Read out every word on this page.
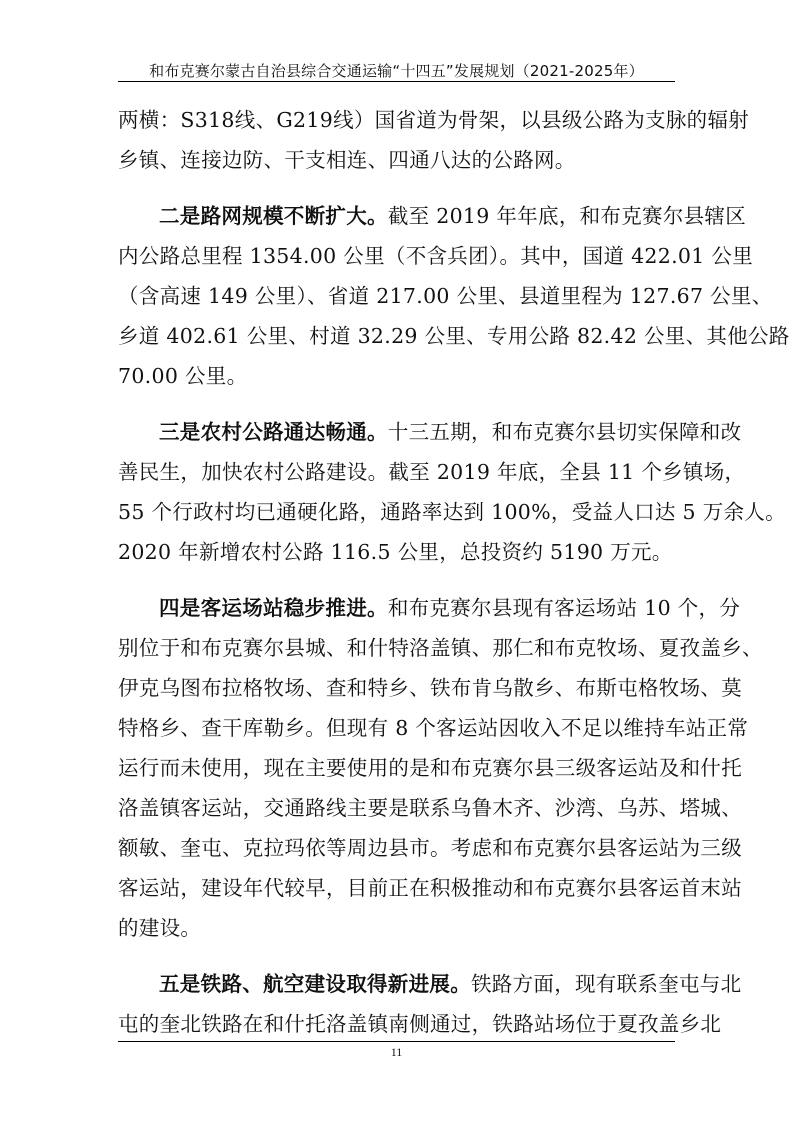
和布克赛尔蒙古自治县综合交通运输“十四五”发展规划（2021-2025年）
两横：S318线、G219线）国省道为骨架，以县级公路为支脉的辐射
乡镇、连接边防、干支相连、四通八达的公路网。
二是路网规模不断扩大。截至 2019 年年底，和布克赛尔县辖区
内公路总里程 1354.00 公里（不含兵团）。其中，国道 422.01 公里
（含高速 149 公里）、省道 217.00 公里、县道里程为 127.67 公里、
乡道 402.61 公里、村道 32.29 公里、专用公路 82.42 公里、其他公路
70.00 公里。
三是农村公路通达畅通。十三五期，和布克赛尔县切实保障和改
善民生，加快农村公路建设。截至 2019 年底，全县 11 个乡镇场，
55 个行政村均已通硬化路，通路率达到 100%，受益人口达 5 万余人。
2020 年新增农村公路 116.5 公里，总投资约 5190 万元。
四是客运场站稳步推进。和布克赛尔县现有客运场站 10 个，分
别位于和布克赛尔县城、和什特洛盖镇、那仁和布克牧场、夏孜盖乡、
伊克乌图布拉格牧场、查和特乡、铁布肯乌散乡、布斯屯格牧场、莫
特格乡、查干库勒乡。但现有 8 个客运站因收入不足以维持车站正常
运行而未使用，现在主要使用的是和布克赛尔县三级客运站及和什托
洛盖镇客运站，交通路线主要是联系乌鲁木齐、沙湾、乌苏、塔城、
额敏、奎屯、克拉玛依等周边县市。考虑和布克赛尔县客运站为三级
客运站，建设年代较早，目前正在积极推动和布克赛尔县客运首末站
的建设。
五是铁路、航空建设取得新进展。铁路方面，现有联系奎屯与北
屯的奎北铁路在和什托洛盖镇南侧通过，铁路站场位于夏孜盖乡北
11
